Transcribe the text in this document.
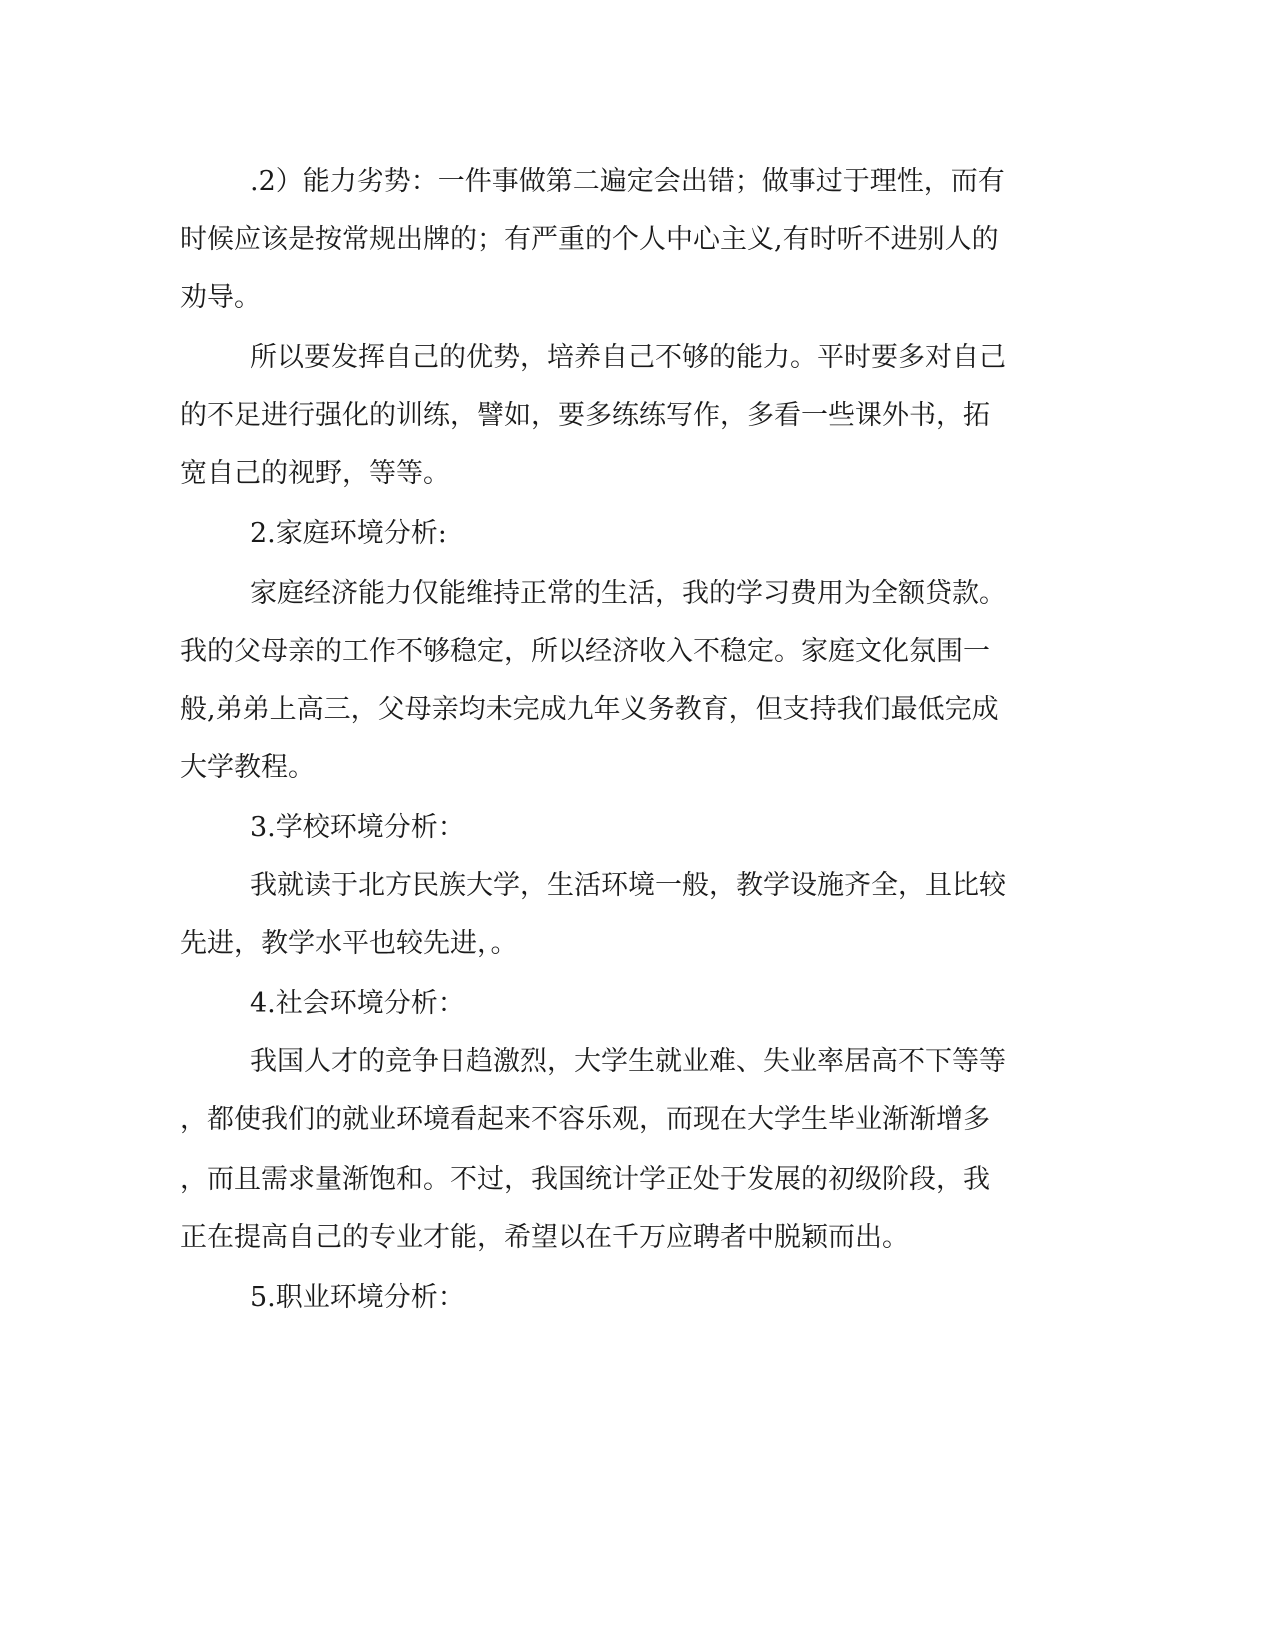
.2）能力劣势：一件事做第二遍定会出错；做事过于理性，而有

时候应该是按常规出牌的；有严重的个人中心主义,有时听不进别人的

劝导。

所以要发挥自己的优势，培养自己不够的能力。平时要多对自己

的不足进行强化的训练，譬如，要多练练写作，多看一些课外书，拓

宽自己的视野，等等。

2.家庭环境分析:

家庭经济能力仅能维持正常的生活，我的学习费用为全额贷款。

我的父母亲的工作不够稳定，所以经济收入不稳定。家庭文化氛围一

般,弟弟上高三，父母亲均未完成九年义务教育，但支持我们最低完成

大学教程。

3.学校环境分析：

我就读于北方民族大学，生活环境一般，教学设施齐全，且比较

先进，教学水平也较先进，。

4.社会环境分析：

我国人才的竞争日趋激烈，大学生就业难、失业率居高不下等等

，都使我们的就业环境看起来不容乐观，而现在大学生毕业渐渐增多

，而且需求量渐饱和。不过，我国统计学正处于发展的初级阶段，我

正在提高自己的专业才能，希望以在千万应聘者中脱颖而出。

5.职业环境分析：
